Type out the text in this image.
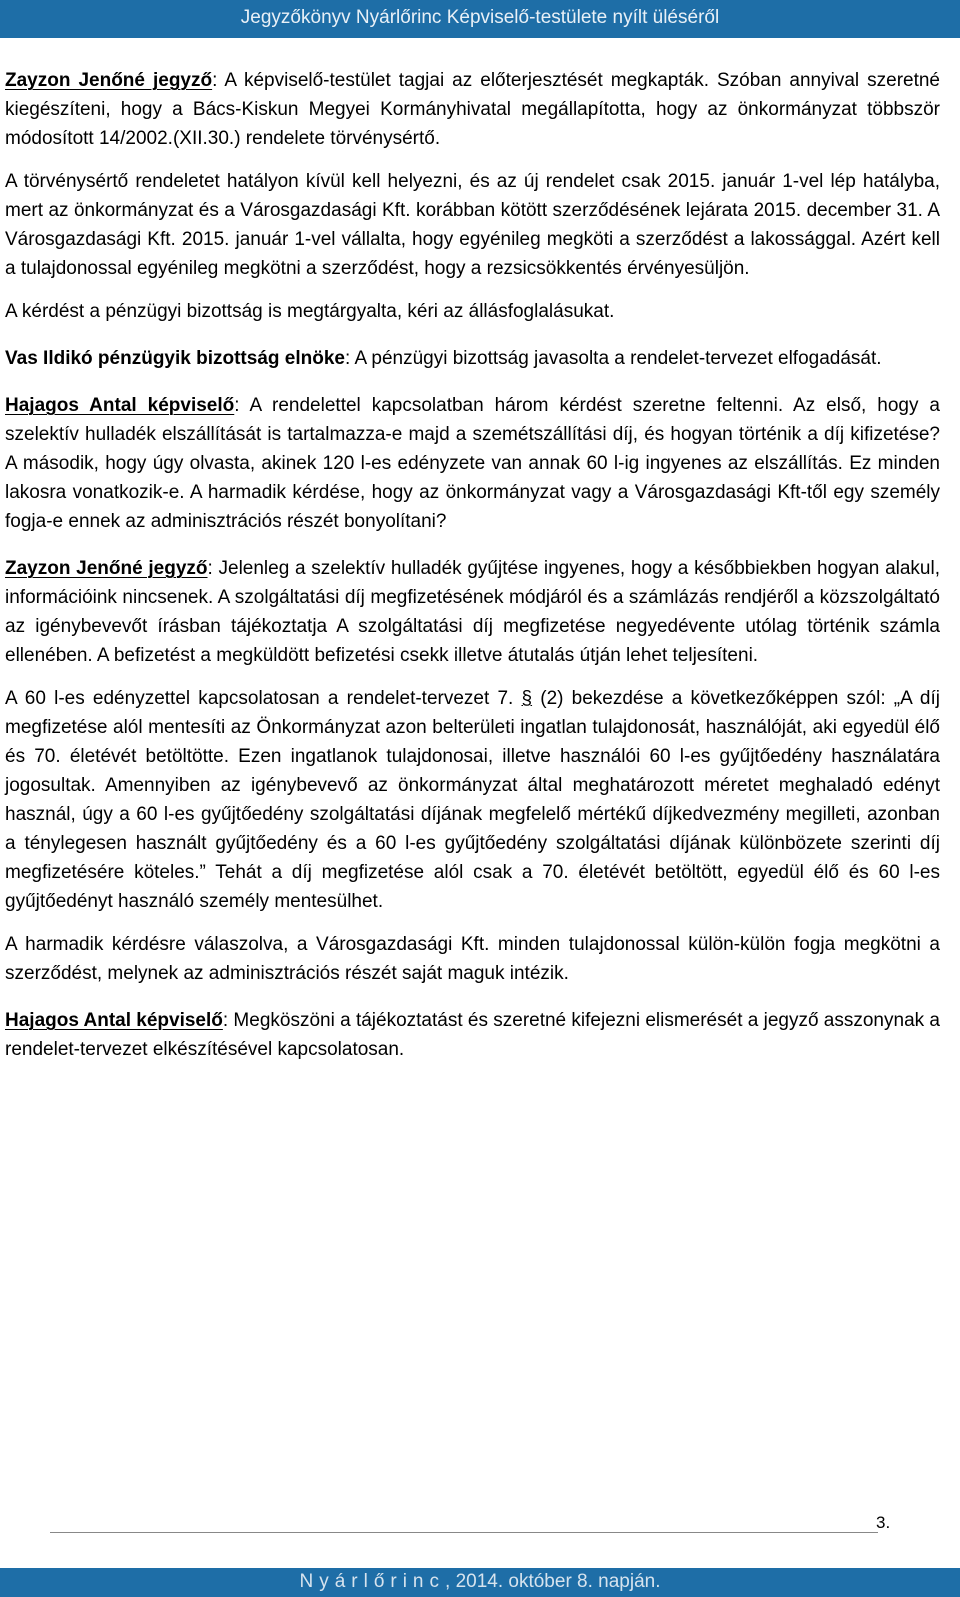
Jegyzőkönyv Nyárlőrinc Képviselő-testülete nyílt üléséről

Zayzon Jenőné jegyző: A képviselő-testület tagjai az előterjesztését megkapták. Szóban annyival szeretné kiegészíteni, hogy a Bács-Kiskun Megyei Kormányhivatal megállapította, hogy az önkormányzat többször módosított 14/2002.(XII.30.) rendelete törvénysértő.

A törvénysértő rendeletet hatályon kívül kell helyezni, és az új rendelet csak 2015. január 1-vel lép hatályba, mert az önkormányzat és a Városgazdasági Kft. korábban kötött szerződésének lejárata 2015. december 31. A Városgazdasági Kft. 2015. január 1-vel vállalta, hogy egyénileg megköti a szerződést a lakossággal. Azért kell a tulajdonossal egyénileg megkötni a szerződést, hogy a rezsicsökkentés érvényesüljön.

A kérdést a pénzügyi bizottság is megtárgyalta, kéri az állásfoglalásukat.

Vas Ildikó pénzügyik bizottság elnöke: A pénzügyi bizottság javasolta a rendelet-tervezet elfogadását.

Hajagos Antal képviselő: A rendelettel kapcsolatban három kérdést szeretne feltenni. Az első, hogy a szelektív hulladék elszállítását is tartalmazza-e majd a szemétszállítási díj, és hogyan történik a díj kifizetése? A második, hogy úgy olvasta, akinek 120 l-es edényzete van annak 60 l-ig ingyenes az elszállítás. Ez minden lakosra vonatkozik-e. A harmadik kérdése, hogy az önkormányzat vagy a Városgazdasági Kft-től egy személy fogja-e ennek az adminisztrációs részét bonyolítani?

Zayzon Jenőné jegyző: Jelenleg a szelektív hulladék gyűjtése ingyenes, hogy a későbbiekben hogyan alakul, információink nincsenek. A szolgáltatási díj megfizetésének módjáról és a számlázás rendjéről a közszolgáltató az igénybevevőt írásban tájékoztatja A szolgáltatási díj megfizetése negyedévente utólag történik számla ellenében. A befizetést a megküldött befizetési csekk illetve átutalás útján lehet teljesíteni.

A 60 l-es edényzettel kapcsolatosan a rendelet-tervezet 7. § (2) bekezdése a következőképpen szól: „A díj megfizetése alól mentesíti az Önkormányzat azon belterületi ingatlan tulajdonosát, használóját, aki egyedül élő és 70. életévét betöltötte. Ezen ingatlanok tulajdonosai, illetve használói 60 l-es gyűjtőedény használatára jogosultak. Amennyiben az igénybevevő az önkormányzat által meghatározott méretet meghaladó edényt használ, úgy a 60 l-es gyűjtőedény szolgáltatási díjának megfelelő mértékű díjkedvezmény megilleti, azonban a ténylegesen használt gyűjtőedény és a 60 l-es gyűjtőedény szolgáltatási díjának különbözete szerinti díj megfizetésére köteles.” Tehát a díj megfizetése alól csak a 70. életévét betöltött, egyedül élő és 60 l-es gyűjtőedényt használó személy mentesülhet.

A harmadik kérdésre válaszolva, a Városgazdasági Kft. minden tulajdonossal külön-külön fogja megkötni a szerződést, melynek az adminisztrációs részét saját maguk intézik.

Hajagos Antal képviselő: Megköszöni a tájékoztatást és szeretné kifejezni elismerését a jegyző asszonynak a rendelet-tervezet elkészítésével kapcsolatosan.

3.
Nyárlőrinc, 2014. október 8. napján.
